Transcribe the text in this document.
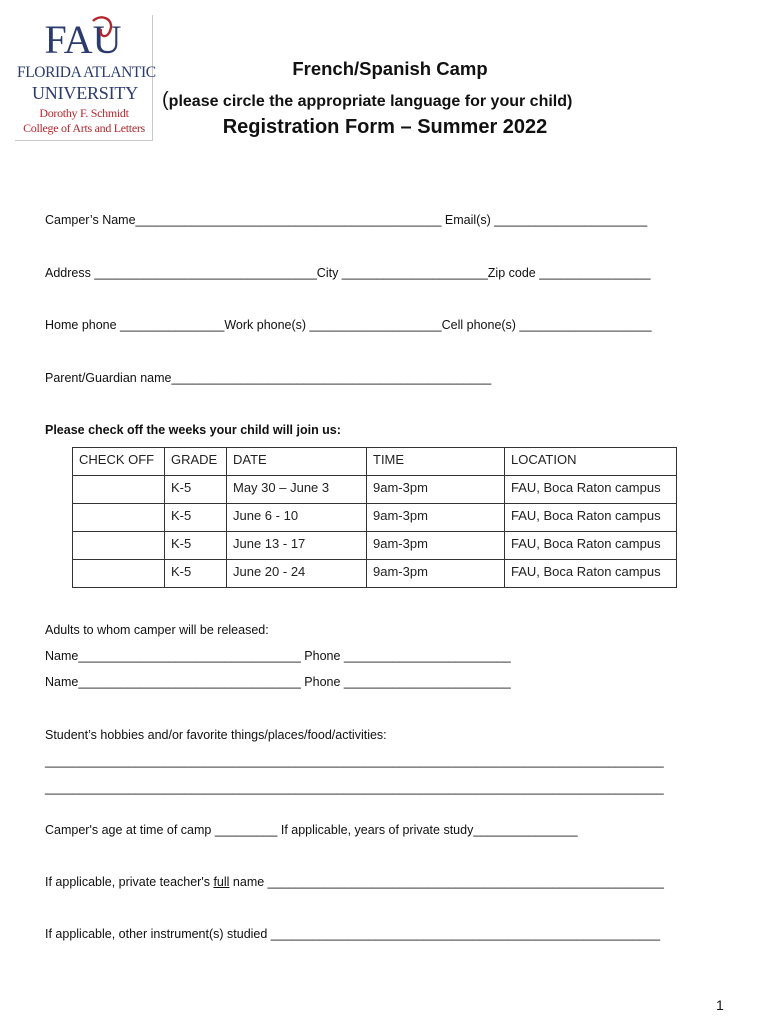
FAU
FLORIDA ATLANTIC
UNIVERSITY
Dorothy F. Schmidt
College of Arts and Letters
French/Spanish Camp
(please circle the appropriate language for your child)
Registration Form – Summer 2022
Camper’s Name____________________________________________ Email(s) ______________________
Address ________________________________City _____________________Zip code ________________
Home phone _______________Work phone(s) ___________________Cell phone(s) ___________________
Parent/Guardian name______________________________________________
Please check off the weeks your child will join us:
CHECK OFF	GRADE	DATE	TIME	LOCATION
	K-5	May 30 – June 3	9am-3pm	FAU, Boca Raton campus
	K-5	June 6 - 10	9am-3pm	FAU, Boca Raton campus
	K-5	June 13 - 17	9am-3pm	FAU, Boca Raton campus
	K-5	June 20 - 24	9am-3pm	FAU, Boca Raton campus
Adults to whom camper will be released:
Name________________________________ Phone ________________________
Name________________________________ Phone ________________________
Student’s hobbies and/or favorite things/places/food/activities:
_________________________________________________________________________________________
_________________________________________________________________________________________
Camper's age at time of camp _________ If applicable, years of private study_______________
If applicable, private teacher's full name _________________________________________________________
If applicable, other instrument(s) studied ________________________________________________________
1
